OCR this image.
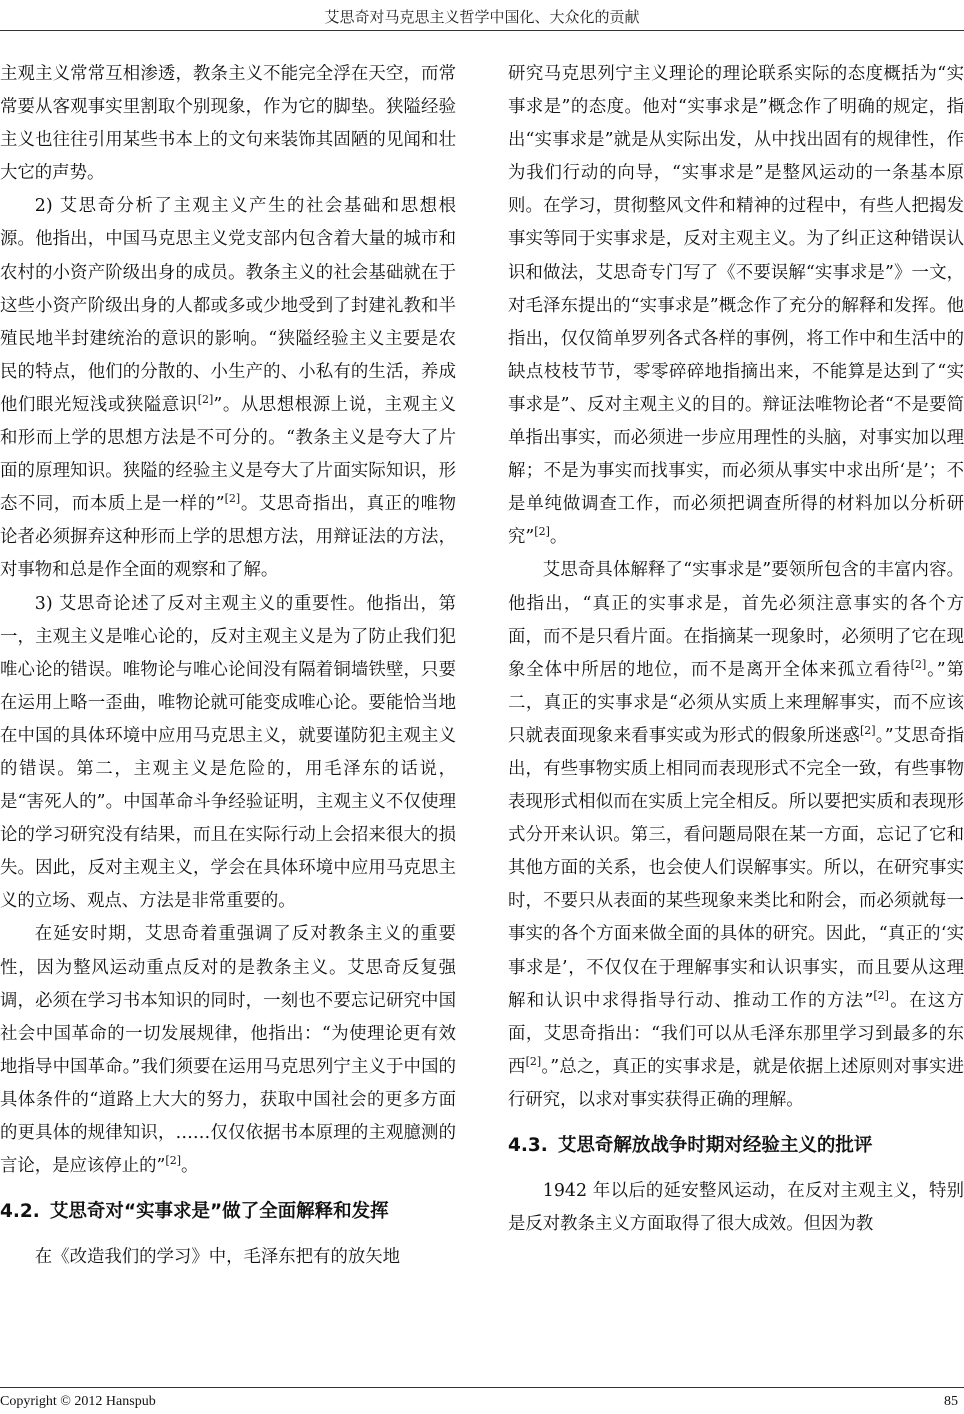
艾思奇对马克思主义哲学中国化、大众化的贡献

主观主义常常互相渗透，教条主义不能完全浮在天空，而常常要从客观事实里割取个别现象，作为它的脚垫。狭隘经验主义也往往引用某些书本上的文句来装饰其固陋的见闻和壮大它的声势。

2) 艾思奇分析了主观主义产生的社会基础和思想根源。他指出，中国马克思主义党支部内包含着大量的城市和农村的小资产阶级出身的成员。教条主义的社会基础就在于这些小资产阶级出身的人都或多或少地受到了封建礼教和半殖民地半封建统治的意识的影响。“狭隘经验主义主要是农民的特点，他们的分散的、小生产的、小私有的生活，养成他们眼光短浅或狭隘意识[2]”。从思想根源上说，主观主义和形而上学的思想方法是不可分的。“教条主义是夸大了片面的原理知识。狭隘的经验主义是夸大了片面实际知识，形态不同，而本质上是一样的”[2]。艾思奇指出，真正的唯物论者必须摒弃这种形而上学的思想方法，用辩证法的方法，对事物和总是作全面的观察和了解。

3) 艾思奇论述了反对主观主义的重要性。他指出，第一，主观主义是唯心论的，反对主观主义是为了防止我们犯唯心论的错误。唯物论与唯心论间没有隔着铜墙铁壁，只要在运用上略一歪曲，唯物论就可能变成唯心论。要能恰当地在中国的具体环境中应用马克思主义，就要谨防犯主观主义的错误。第二，主观主义是危险的，用毛泽东的话说，是“害死人的”。中国革命斗争经验证明，主观主义不仅使理论的学习研究没有结果，而且在实际行动上会招来很大的损失。因此，反对主观主义，学会在具体环境中应用马克思主义的立场、观点、方法是非常重要的。

在延安时期，艾思奇着重强调了反对教条主义的重要性，因为整风运动重点反对的是教条主义。艾思奇反复强调，必须在学习书本知识的同时，一刻也不要忘记研究中国社会中国革命的一切发展规律，他指出：“为使理论更有效地指导中国革命。”我们须要在运用马克思列宁主义于中国的具体条件的“道路上大大的努力，获取中国社会的更多方面的更具体的规律知识，……仅仅依据书本原理的主观臆测的言论，是应该停止的”[2]。

4.2. 艾思奇对“实事求是”做了全面解释和发挥

在《改造我们的学习》中，毛泽东把有的放矢地

研究马克思列宁主义理论的理论联系实际的态度概括为“实事求是”的态度。他对“实事求是”概念作了明确的规定，指出“实事求是”就是从实际出发，从中找出固有的规律性，作为我们行动的向导，“实事求是”是整风运动的一条基本原则。在学习，贯彻整风文件和精神的过程中，有些人把揭发事实等同于实事求是，反对主观主义。为了纠正这种错误认识和做法，艾思奇专门写了《不要误解“实事求是”》一文，对毛泽东提出的“实事求是”概念作了充分的解释和发挥。他指出，仅仅简单罗列各式各样的事例，将工作中和生活中的缺点枝枝节节，零零碎碎地指摘出来，不能算是达到了“实事求是”、反对主观主义的目的。辩证法唯物论者“不是要简单指出事实，而必须进一步应用理性的头脑，对事实加以理解；不是为事实而找事实，而必须从事实中求出所‘是’；不是单纯做调查工作，而必须把调查所得的材料加以分析研究”[2]。

艾思奇具体解释了“实事求是”要领所包含的丰富内容。他指出，“真正的实事求是，首先必须注意事实的各个方面，而不是只看片面。在指摘某一现象时，必须明了它在现象全体中所居的地位，而不是离开全体来孤立看待[2]。”第二，真正的实事求是“必须从实质上来理解事实，而不应该只就表面现象来看事实或为形式的假象所迷惑[2]。”艾思奇指出，有些事物实质上相同而表现形式不完全一致，有些事物表现形式相似而在实质上完全相反。所以要把实质和表现形式分开来认识。第三，看问题局限在某一方面，忘记了它和其他方面的关系，也会使人们误解事实。所以，在研究事实时，不要只从表面的某些现象来类比和附会，而必须就每一事实的各个方面来做全面的具体的研究。因此，“真正的‘实事求是’，不仅仅在于理解事实和认识事实，而且要从这理解和认识中求得指导行动、推动工作的方法”[2]。在这方面，艾思奇指出：“我们可以从毛泽东那里学习到最多的东西[2]。”总之，真正的实事求是，就是依据上述原则对事实进行研究，以求对事实获得正确的理解。

4.3. 艾思奇解放战争时期对经验主义的批评

1942 年以后的延安整风运动，在反对主观主义，特别是反对教条主义方面取得了很大成效。但因为教

Copyright © 2012 Hanspub	85
